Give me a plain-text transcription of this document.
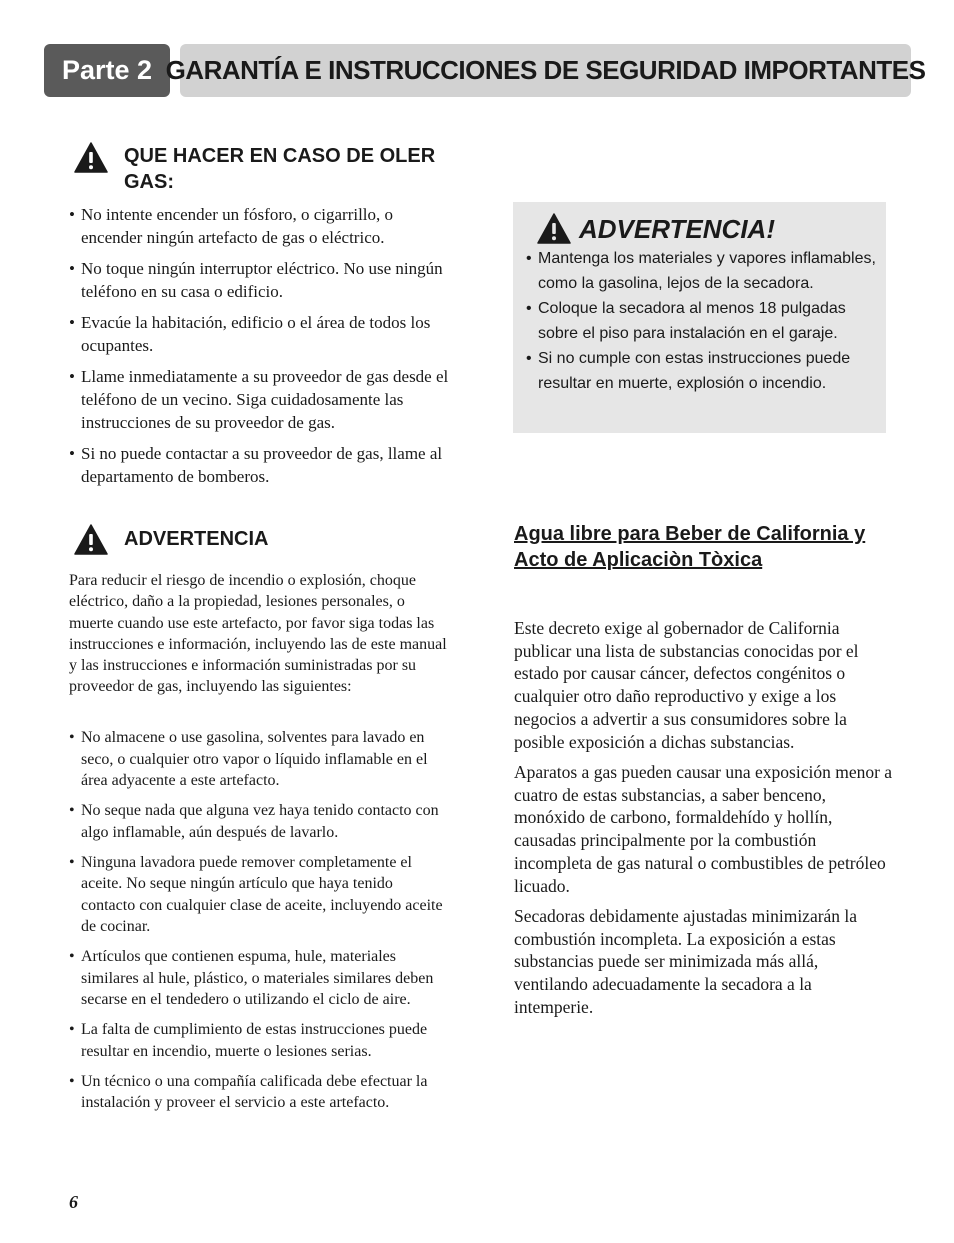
Parte 2 GARANTÍA E INSTRUCCIONES DE SEGURIDAD IMPORTANTES
QUE HACER EN CASO DE OLER GAS:
• No intente encender un fósforo, o cigarrillo, o encender ningún artefacto de gas o eléctrico.
• No toque ningún interruptor eléctrico. No use ningún teléfono en su casa o edificio.
• Evacúe la habitación, edificio o el área de todos los ocupantes.
• Llame inmediatamente a su proveedor de gas desde el teléfono de un vecino. Siga cuidadosamente las instrucciones de su proveedor de gas.
• Si no puede contactar a su proveedor de gas, llame al departamento de bomberos.
ADVERTENCIA

Para reducir el riesgo de incendio o explosión, choque eléctrico, daño a la propiedad, lesiones personales, o muerte cuando use este artefacto, por favor siga todas las instrucciones e información, incluyendo las de este manual y las instrucciones e información suministradas por su proveedor de gas, incluyendo las siguientes:

• No almacene o use gasolina, solventes para lavado en seco, o cualquier otro vapor o líquido inflamable en el área adyacente a este artefacto.
• No seque nada que alguna vez haya tenido contacto con algo inflamable, aún después de lavarlo.
• Ninguna lavadora puede remover completamente el aceite. No seque ningún artículo que haya tenido contacto con cualquier clase de aceite, incluyendo aceite de cocinar.
• Artículos que contienen espuma, hule, materiales similares al hule, plástico, o materiales similares deben secarse en el tendedero o utilizando el ciclo de aire.
• La falta de cumplimiento de estas instrucciones puede resultar en incendio, muerte o lesiones serias.
• Un técnico o una compañía calificada debe efectuar la instalación y proveer el servicio a este artefacto.
ADVERTENCIA!
• Mantenga los materiales y vapores inflamables, como la gasolina, lejos de la secadora.
• Coloque la secadora al menos 18 pulgadas sobre el piso para instalación en el garaje.
• Si no cumple con estas instrucciones puede resultar en muerte, explosión o incendio.
Agua libre para Beber de California y Acto de Aplicaciòn Tòxica

Este decreto exige al gobernador de California publicar una lista de substancias conocidas por el estado por causar cáncer, defectos congénitos o cualquier otro daño reproductivo y exige a los negocios a advertir a sus consumidores sobre la posible exposición a dichas substancias.

Aparatos a gas pueden causar una exposición menor a cuatro de estas substancias, a saber benceno, monóxido de carbono, formaldehído y hollín, causadas principalmente por la combustión incompleta de gas natural o combustibles de petróleo licuado.

Secadoras debidamente ajustadas minimizarán la combustión incompleta. La exposición a estas substancias puede ser minimizada más allá, ventilando adecuadamente la secadora a la intemperie.

6
